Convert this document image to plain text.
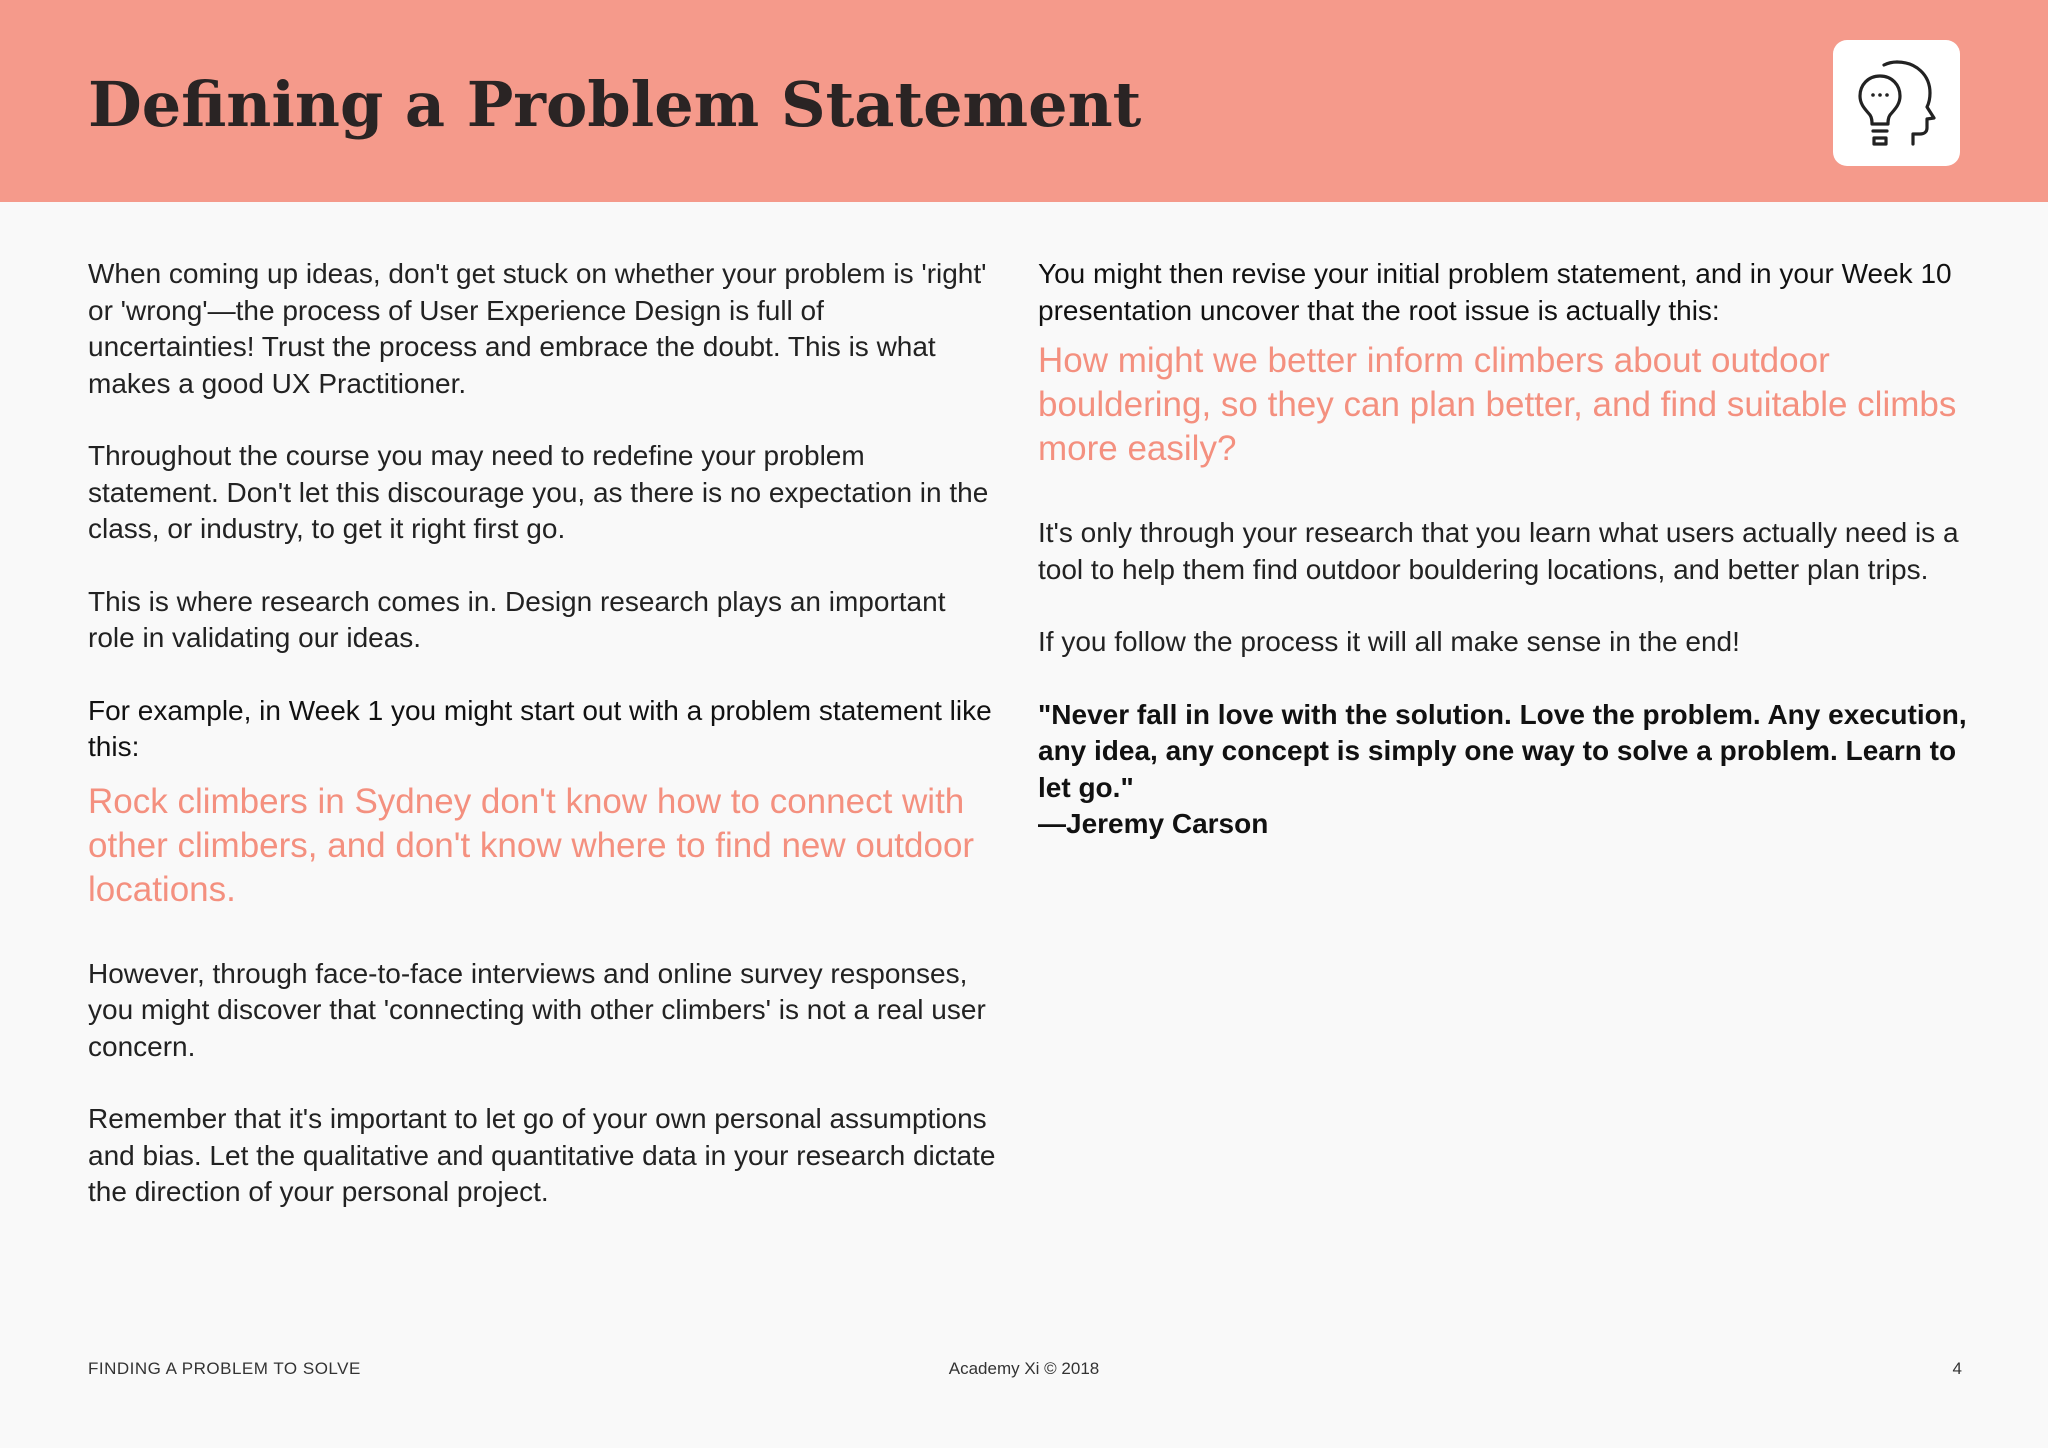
Defining a Problem Statement

When coming up ideas, don't get stuck on whether your problem is 'right' or 'wrong'—the process of User Experience Design is full of uncertainties! Trust the process and embrace the doubt. This is what makes a good UX Practitioner.

Throughout the course you may need to redefine your problem statement. Don't let this discourage you, as there is no expectation in the class, or industry, to get it right first go.

This is where research comes in. Design research plays an important role in validating our ideas.

For example, in Week 1 you might start out with a problem statement like this:

Rock climbers in Sydney don't know how to connect with other climbers, and don't know where to find new outdoor locations.

However, through face-to-face interviews and online survey responses, you might discover that 'connecting with other climbers' is not a real user concern.

Remember that it's important to let go of your own personal assumptions and bias. Let the qualitative and quantitative data in your research dictate the direction of your personal project.

You might then revise your initial problem statement, and in your Week 10 presentation uncover that the root issue is actually this:

How might we better inform climbers about outdoor bouldering, so they can plan better, and find suitable climbs more easily?

It's only through your research that you learn what users actually need is a tool to help them find outdoor bouldering locations, and better plan trips.

If you follow the process it will all make sense in the end!

"Never fall in love with the solution. Love the problem. Any execution, any idea, any concept is simply one way to solve a problem. Learn to let go."

—Jeremy Carson

Academy Xi © 2018
FINDING A PROBLEM TO SOLVE	4
